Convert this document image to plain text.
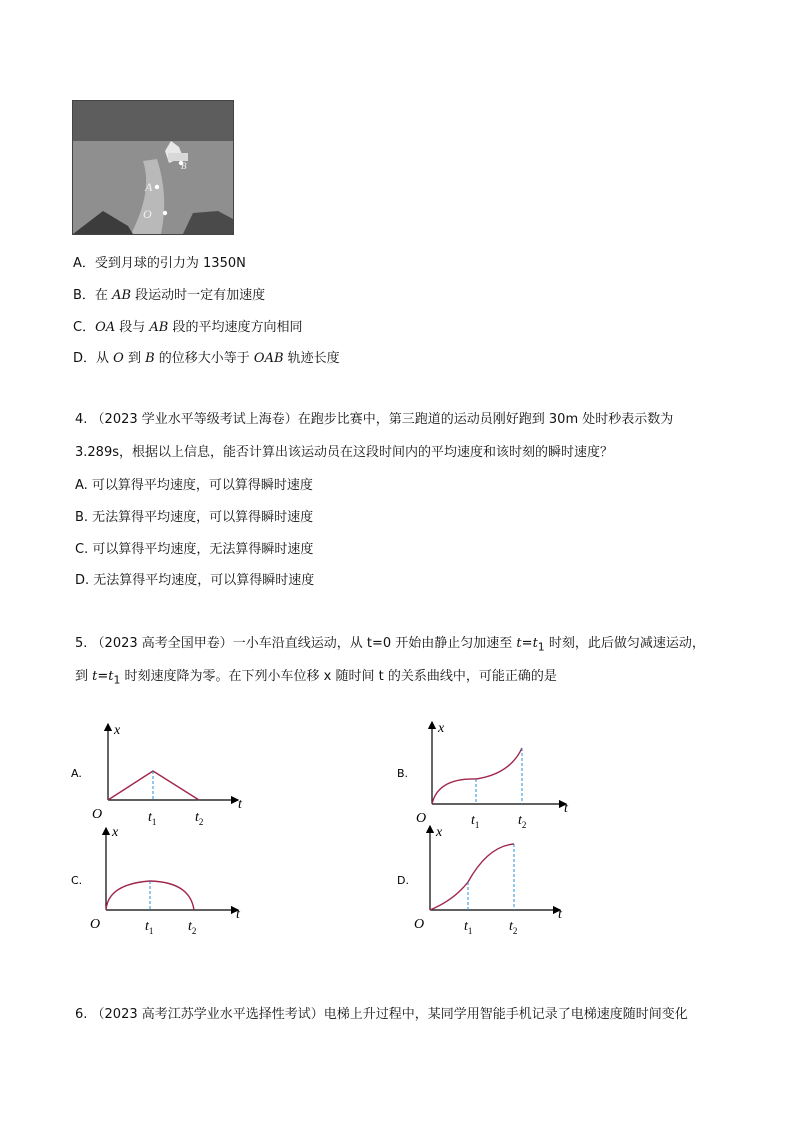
A
O
B
A．受到月球的引力为 1350N
B．在 AB 段运动时一定有加速度
C．OA 段与 AB 段的平均速度方向相同
D．从 O 到 B 的位移大小等于 OAB 轨迹长度
4. （2023 学业水平等级考试上海卷）在跑步比赛中，第三跑道的运动员刚好跑到 30m 处时秒表示数为
3.289s，根据以上信息，能否计算出该运动员在这段时间内的平均速度和该时刻的瞬时速度？
A. 可以算得平均速度，可以算得瞬时速度
B. 无法算得平均速度，可以算得瞬时速度
C. 可以算得平均速度，无法算得瞬时速度
D. 无法算得平均速度，可以算得瞬时速度
5. （2023 高考全国甲卷）一小车沿直线运动，从 t=0 开始由静止匀加速至 $t=t_1$ 时刻，此后做匀减速运动，
到 $t=t_1$ 时刻速度降为零。在下列小车位移 x 随时间 t 的关系曲线中，可能正确的是
A.
x
t
O	$t_1$	$t_2$
B.
x
t
O	$t_1$	$t_2$
C.
x
t
O	$t_1$ $t_2$
D.
x
t
O	$t_1$	$t_2$
6. （2023 高考江苏学业水平选择性考试）电梯上升过程中，某同学用智能手机记录了电梯速度随时间变化
